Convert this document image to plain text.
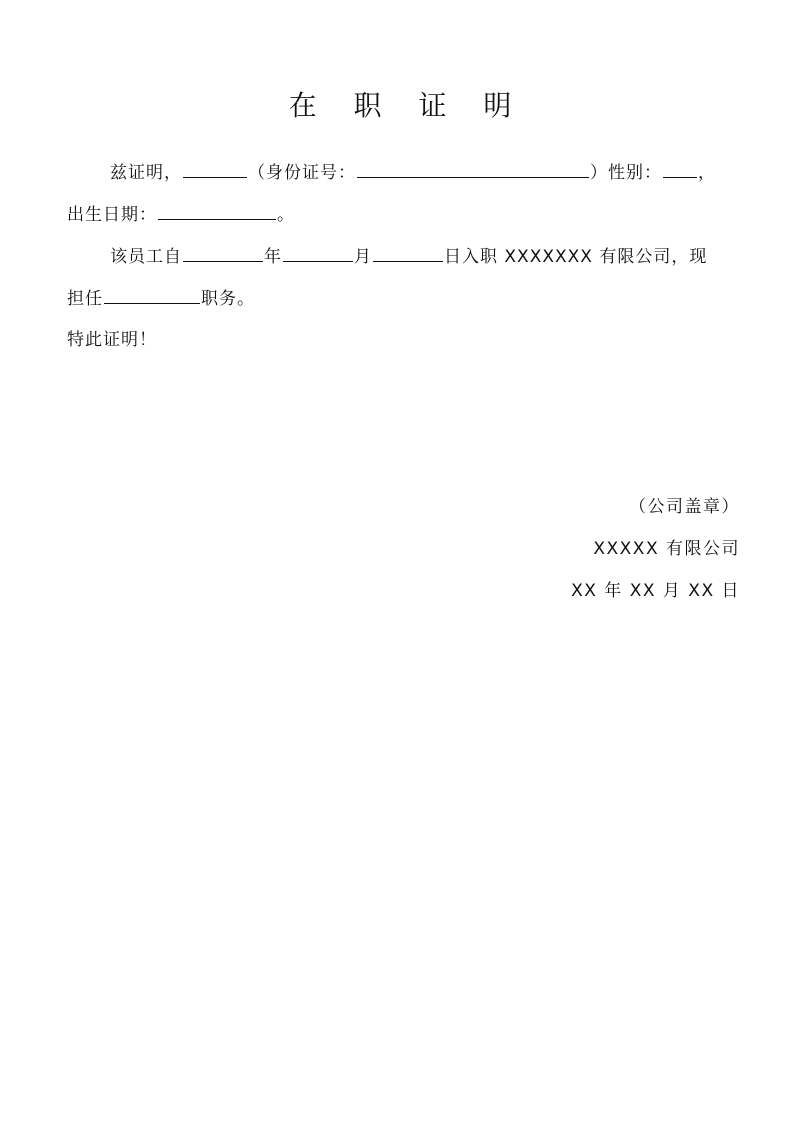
在 职 证 明
兹证明，	（身份证号：	）性别： ，
出生日期：	。
该员工自	年	月	日入职 XXXXXXX 有限公司，现
担任	职务。
特此证明！
（公司盖章）
XXXXX 有限公司
XX 年 XX 月 XX 日
